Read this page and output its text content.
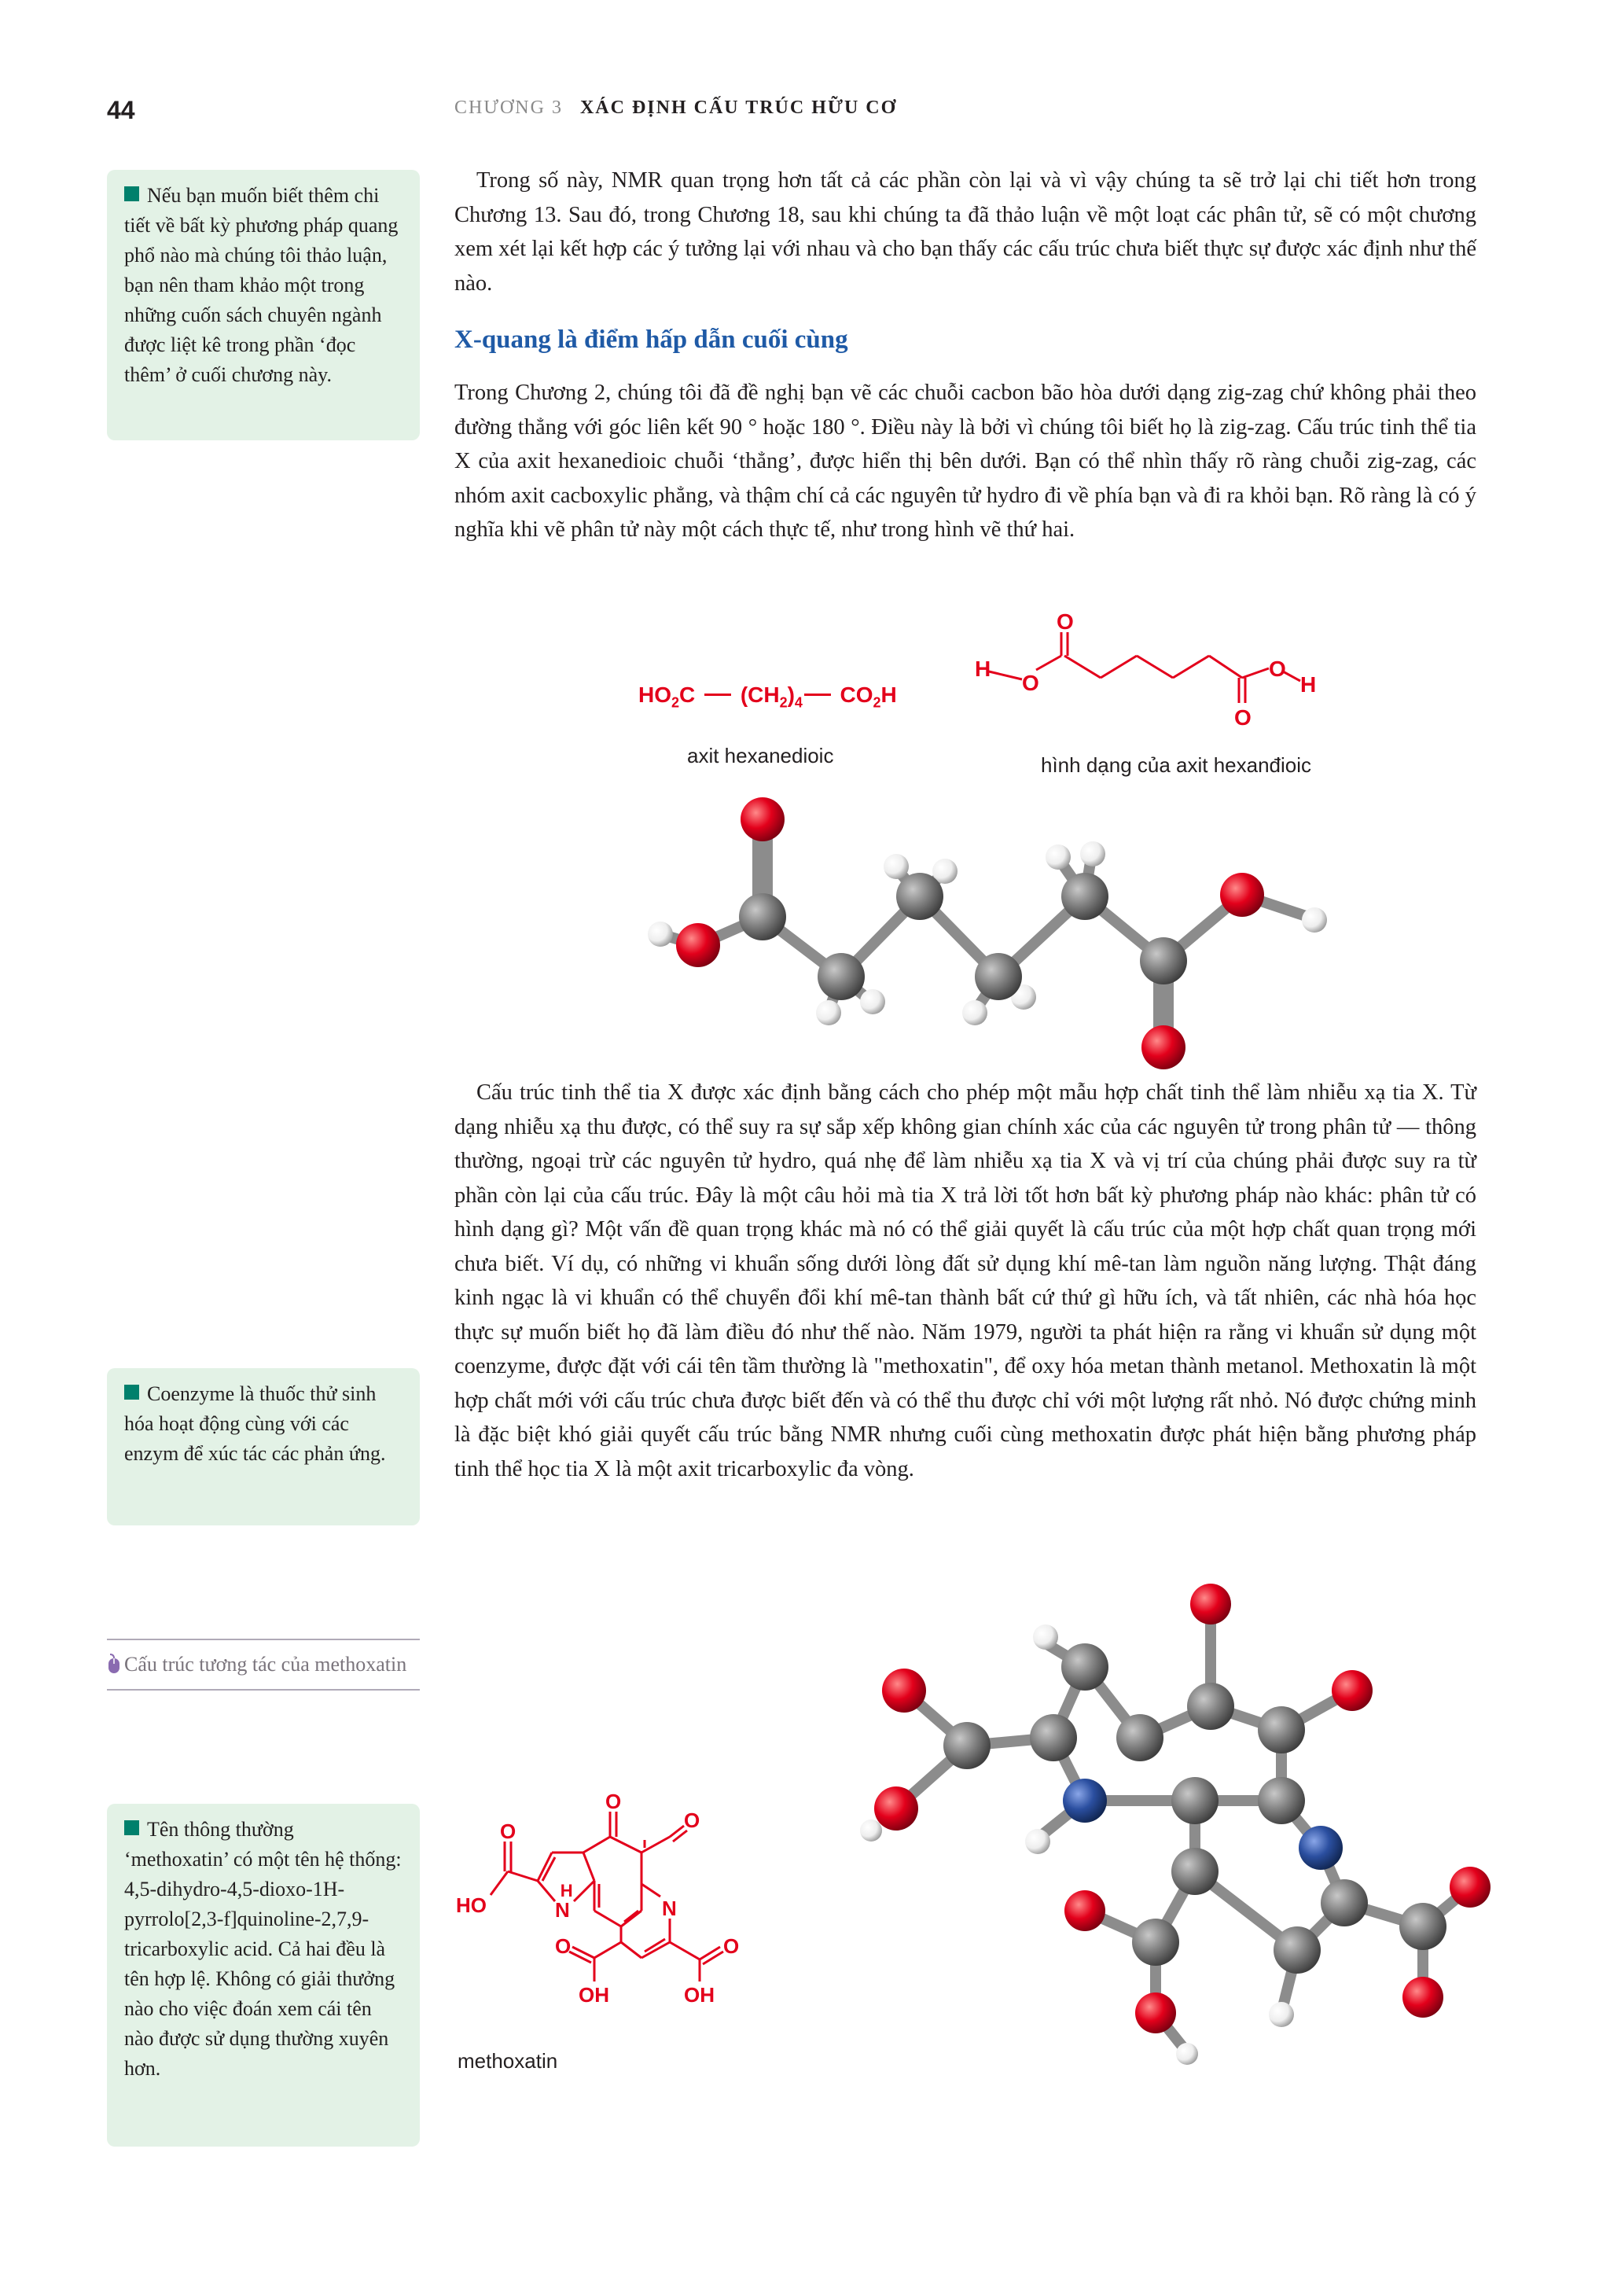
44	CHƯƠNG 3 XÁC ĐỊNH CẤU TRÚC HỮU CƠ
Trong số này, NMR quan trọng hơn tất cả các phần còn lại và vì vậy chúng ta sẽ trở lại chi tiết hơn trong Chương 13. Sau đó, trong Chương 18, sau khi chúng ta đã thảo luận về một loạt các phân tử, sẽ có một chương xem xét lại kết hợp các ý tưởng lại với nhau và cho bạn thấy các cấu trúc chưa biết thực sự được xác định như thế nào.
X-quang là điểm hấp dẫn cuối cùng
Trong Chương 2, chúng tôi đã đề nghị bạn vẽ các chuỗi cacbon bão hòa dưới dạng zig-zag chứ không phải theo đường thẳng với góc liên kết 90 ° hoặc 180 °. Điều này là bởi vì chúng tôi biết họ là zig-zag. Cấu trúc tinh thể tia X của axit hexanedioic chuỗi ‘thẳng’, được hiển thị bên dưới. Bạn có thể nhìn thấy rõ ràng chuỗi zig-zag, các nhóm axit cacboxylic phẳng, và thậm chí cả các nguyên tử hydro đi về phía bạn và đi ra khỏi bạn. Rõ ràng là có ý nghĩa khi vẽ phân tử này một cách thực tế, như trong hình vẽ thứ hai.
Cấu trúc tinh thể tia X được xác định bằng cách cho phép một mẫu hợp chất tinh thể làm nhiễu xạ tia X. Từ dạng nhiễu xạ thu được, có thể suy ra sự sắp xếp không gian chính xác của các nguyên tử trong phân tử — thông thường, ngoại trừ các nguyên tử hydro, quá nhẹ để làm nhiễu xạ tia X và vị trí của chúng phải được suy ra từ phần còn lại của cấu trúc. Đây là một câu hỏi mà tia X trả lời tốt hơn bất kỳ phương pháp nào khác: phân tử có hình dạng gì? Một vấn đề quan trọng khác mà nó có thể giải quyết là cấu trúc của một hợp chất quan trọng mới chưa biết. Ví dụ, có những vi khuẩn sống dưới lòng đất sử dụng khí mê-tan làm nguồn năng lượng. Thật đáng kinh ngạc là vi khuẩn có thể chuyển đổi khí mê-tan thành bất cứ thứ gì hữu ích, và tất nhiên, các nhà hóa học thực sự muốn biết họ đã làm điều đó như thế nào. Năm 1979, người ta phát hiện ra rằng vi khuẩn sử dụng một coenzyme, được đặt với cái tên tầm thường là "methoxatin", để oxy hóa metan thành metanol. Methoxatin là một hợp chất mới với cấu trúc chưa được biết đến và có thể thu được chỉ với một lượng rất nhỏ. Nó được chứng minh là đặc biệt khó giải quyết cấu trúc bằng NMR nhưng cuối cùng methoxatin được phát hiện bằng phương pháp tinh thể học tia X là một axit tricarboxylic đa vòng.
Nếu bạn muốn biết thêm chi tiết về bất kỳ phương pháp quang phổ nào mà chúng tôi thảo luận, bạn nên tham khảo một trong những cuốn sách chuyên ngành được liệt kê trong phần ‘đọc thêm’ ở cuối chương này.
Coenzyme là thuốc thử sinh hóa hoạt động cùng với các enzym để xúc tác các phản ứng.
Cấu trúc tương tác của methoxatin
Tên thông thường ‘methoxatin’ có một tên hệ thống: 4,5-dihydro-4,5-dioxo-1H-pyrrolo[2,3-f]quinoline-2,7,9-tricarboxylic acid. Cả hai đều là tên hợp lệ. Không có giải thưởng nào cho việc đoán xem cái tên nào được sử dụng thường xuyên hơn.
$HO_2C$ $(CH_2)_4$ $CO_2H$
axit hexanedioic
H
O
O
O
O
H
hình dạng của axit hexanđioic
O
HO	NH
O
O
N
O
OH
O
OH
methoxatin
